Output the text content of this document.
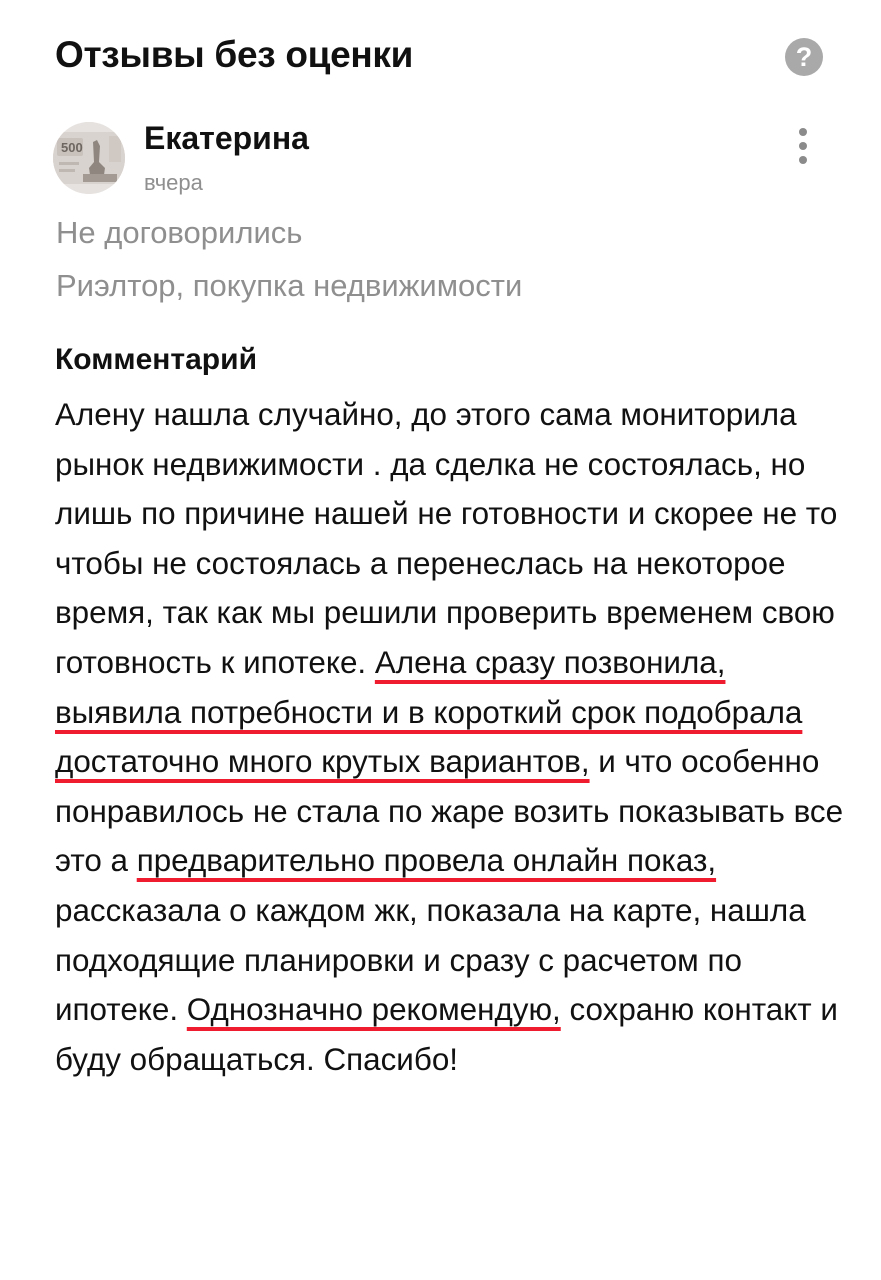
Отзывы без оценки	?
500 Екатерина
вчера
Не договорились
Риэлтор, покупка недвижимости
Комментарий
Алену нашла случайно, до этого сама мониторила рынок недвижимости . да сделка не состоялась, но лишь по причине нашей не готовности и скорее не то чтобы не состоялась а перенеслась на некоторое время, так как мы решили проверить временем свою готовность к ипотеке. Алена сразу позвонила, выявила потребности и в короткий срок подобрала достаточно много крутых вариантов, и что особенно понравилось не стала по жаре возить показывать все это а предварительно провела онлайн показ, рассказала о каждом жк, показала на карте, нашла подходящие планировки и сразу с расчетом по ипотеке. Однозначно рекомендую, сохраню контакт и буду обращаться. Спасибо!
